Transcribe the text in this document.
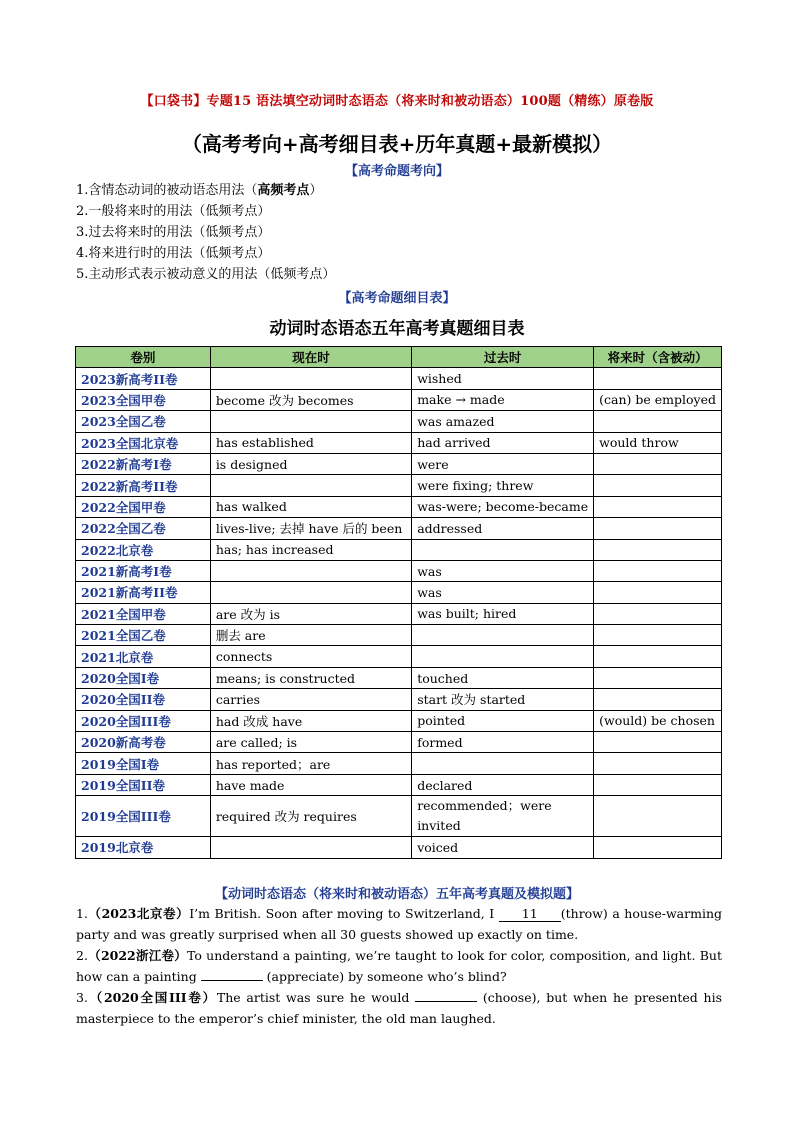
【口袋书】专题15 语法填空动词时态语态（将来时和被动语态）100题（精练）原卷版
（高考考向+高考细目表+历年真题+最新模拟）
【高考命题考向】
1.含情态动词的被动语态用法（高频考点）
2.一般将来时的用法（低频考点）
3.过去将来时的用法（低频考点）
4.将来进行时的用法（低频考点）
5.主动形式表示被动意义的用法（低频考点）
【高考命题细目表】
动词时态语态五年高考真题细目表
卷别	现在时	过去时	将来时（含被动）
2023新高考II卷		wished	
2023全国甲卷	become 改为 becomes	make → made	(can) be employed
2023全国乙卷		was amazed	
2023全国北京卷	has established	had arrived	would throw
2022新高考I卷	is designed	were	
2022新高考II卷		were fixing; threw	
2022全国甲卷	has walked	was-were; become-became	
2022全国乙卷	lives-live; 去掉 have 后的 been	addressed	
2022北京卷	has; has increased		
2021新高考I卷		was	
2021新高考II卷		was	
2021全国甲卷	are 改为 is	was built; hired	
2021全国乙卷	删去 are		
2021北京卷	connects		
2020全国I卷	means; is constructed	touched	
2020全国II卷	carries	start 改为 started	
2020全国III卷	had 改成 have	pointed	(would) be chosen
2020新高考卷	are called; is	formed	
2019全国I卷	has reported；are		
2019全国II卷	have made	declared	
2019全国III卷	required 改为 requires	recommended；were invited	
2019北京卷		voiced	
【动词时态语态（将来时和被动语态）五年高考真题及模拟题】

1.（2023北京卷）I’m British. Soon after moving to Switzerland, I 11 (throw) a house-warming party and was greatly surprised when all 30 guests showed up exactly on time.

2.（2022浙江卷）To understand a painting, we’re taught to look for color, composition, and light. But how can a painting	(appreciate) by someone who’s blind?

3.（2020全国III卷）The artist was sure he would	(choose), but when he presented his masterpiece to the emperor’s chief minister, the old man laughed.
